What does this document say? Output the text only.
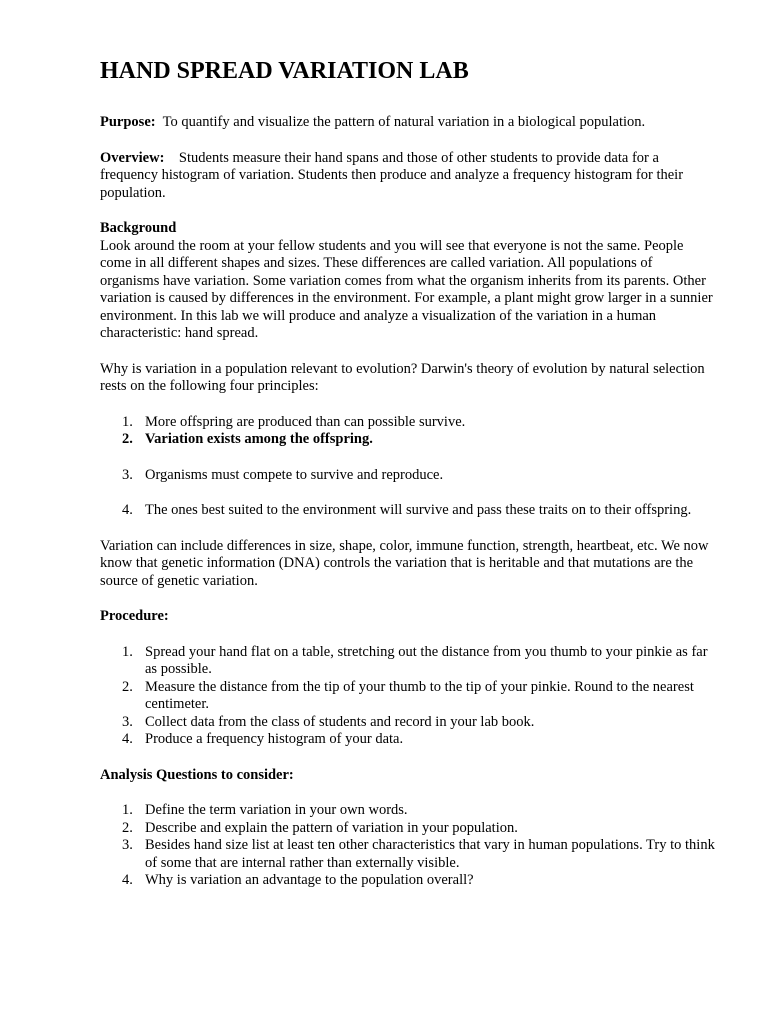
HAND SPREAD VARIATION LAB

Purpose: To quantify and visualize the pattern of natural variation in a biological population.

Overview: Students measure their hand spans and those of other students to provide data for a frequency histogram of variation. Students then produce and analyze a frequency histogram for their population.

Background

Look around the room at your fellow students and you will see that everyone is not the same. People come in all different shapes and sizes. These differences are called variation. All populations of organisms have variation. Some variation comes from what the organism inherits from its parents. Other variation is caused by differences in the environment. For example, a plant might grow larger in a sunnier environment. In this lab we will produce and analyze a visualization of the variation in a human characteristic: hand spread.

Why is variation in a population relevant to evolution? Darwin's theory of evolution by natural selection rests on the following four principles:

1. More offspring are produced than can possible survive.
2. Variation exists among the offspring.
3. Organisms must compete to survive and reproduce.
4. The ones best suited to the environment will survive and pass these traits on to their offspring.

Variation can include differences in size, shape, color, immune function, strength, heartbeat, etc. We now know that genetic information (DNA) controls the variation that is heritable and that mutations are the source of genetic variation.

Procedure:

1. Spread your hand flat on a table, stretching out the distance from you thumb to your pinkie as far as possible.
2. Measure the distance from the tip of your thumb to the tip of your pinkie. Round to the nearest centimeter.
3. Collect data from the class of students and record in your lab book.
4. Produce a frequency histogram of your data.

Analysis Questions to consider:

1. Define the term variation in your own words.
2. Describe and explain the pattern of variation in your population.
3. Besides hand size list at least ten other characteristics that vary in human populations. Try to think of some that are internal rather than externally visible.
4. Why is variation an advantage to the population overall?
